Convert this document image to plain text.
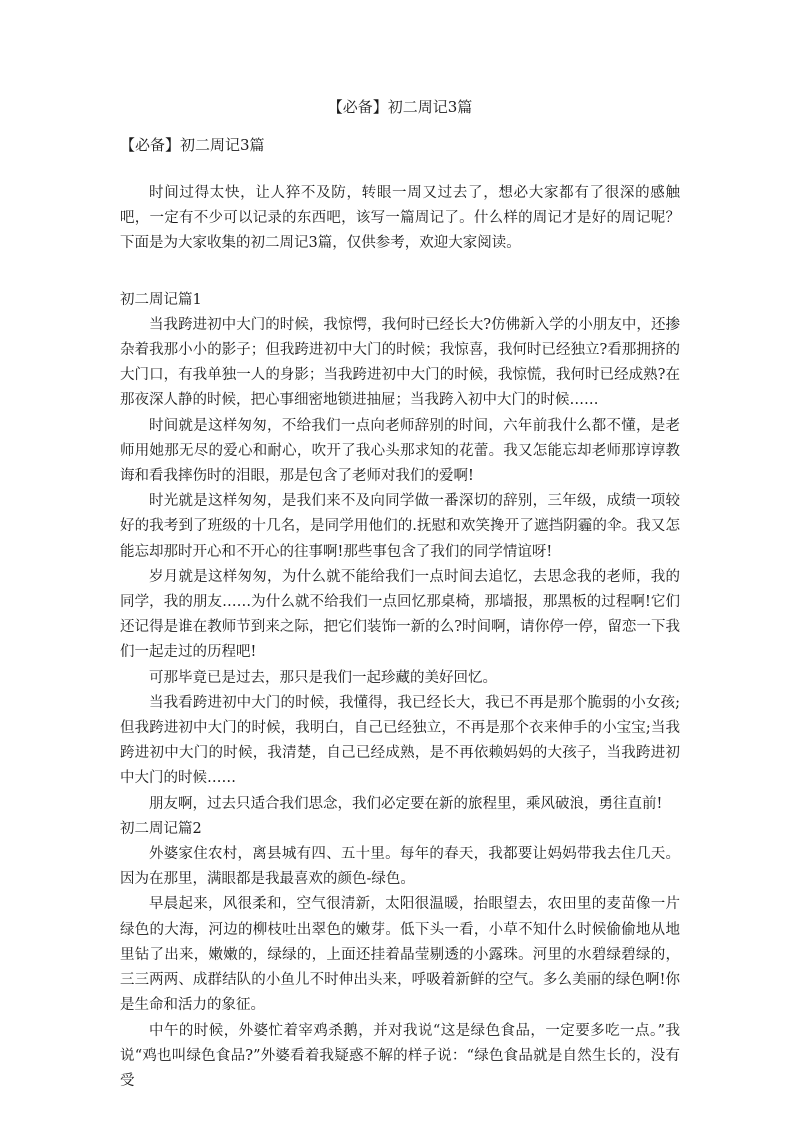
【必备】初二周记3篇
【必备】初二周记3篇

时间过得太快，让人猝不及防，转眼一周又过去了，想必大家都有了很深的感触吧，一定有不少可以记录的东西吧，该写一篇周记了。什么样的周记才是好的周记呢？下面是为大家收集的初二周记3篇，仅供参考，欢迎大家阅读。

初二周记篇1

当我跨进初中大门的时候，我惊愕，我何时已经长大?仿佛新入学的小朋友中，还掺杂着我那小小的影子；但我跨进初中大门的时候；我惊喜，我何时已经独立?看那拥挤的大门口，有我单独一人的身影；当我跨进初中大门的时候，我惊慌，我何时已经成熟?在那夜深人静的时候，把心事细密地锁进抽屉；当我跨入初中大门的时候……

时间就是这样匆匆，不给我们一点向老师辞别的时间，六年前我什么都不懂，是老师用她那无尽的爱心和耐心，吹开了我心头那求知的花蕾。我又怎能忘却老师那谆谆教诲和看我摔伤时的泪眼，那是包含了老师对我们的爱啊!

时光就是这样匆匆，是我们来不及向同学做一番深切的辞别，三年级，成绩一项较好的我考到了班级的十几名，是同学用他们的.抚慰和欢笑搀开了遮挡阴霾的伞。我又怎能忘却那时开心和不开心的往事啊!那些事包含了我们的同学情谊呀!

岁月就是这样匆匆，为什么就不能给我们一点时间去追忆，去思念我的老师，我的同学，我的朋友……为什么就不给我们一点回忆那桌椅，那墙报，那黑板的过程啊!它们还记得是谁在教师节到来之际，把它们装饰一新的么?时间啊，请你停一停，留恋一下我们一起走过的历程吧!

可那毕竟已是过去，那只是我们一起珍藏的美好回忆。

当我看跨进初中大门的时候，我懂得，我已经长大，我已不再是那个脆弱的小女孩;但我跨进初中大门的时候，我明白，自己已经独立，不再是那个衣来伸手的小宝宝;当我跨进初中大门的时候，我清楚，自己已经成熟，是不再依赖妈妈的大孩子，当我跨进初中大门的时候……

朋友啊，过去只适合我们思念，我们必定要在新的旅程里，乘风破浪，勇往直前!

初二周记篇2

外婆家住农村，离县城有四、五十里。每年的春天，我都要让妈妈带我去住几天。因为在那里，满眼都是我最喜欢的颜色-绿色。

早晨起来，风很柔和，空气很清新，太阳很温暖，抬眼望去，农田里的麦苗像一片绿色的大海，河边的柳枝吐出翠色的嫩芽。低下头一看，小草不知什么时候偷偷地从地里钻了出来，嫩嫩的，绿绿的，上面还挂着晶莹剔透的小露珠。河里的水碧绿碧绿的，三三两两、成群结队的小鱼儿不时伸出头来，呼吸着新鲜的空气。多么美丽的绿色啊!你是生命和活力的象征。

中午的时候，外婆忙着宰鸡杀鹅，并对我说“这是绿色食品，一定要多吃一点。”我说“鸡也叫绿色食品?”外婆看着我疑惑不解的样子说：“绿色食品就是自然生长的，没有受
